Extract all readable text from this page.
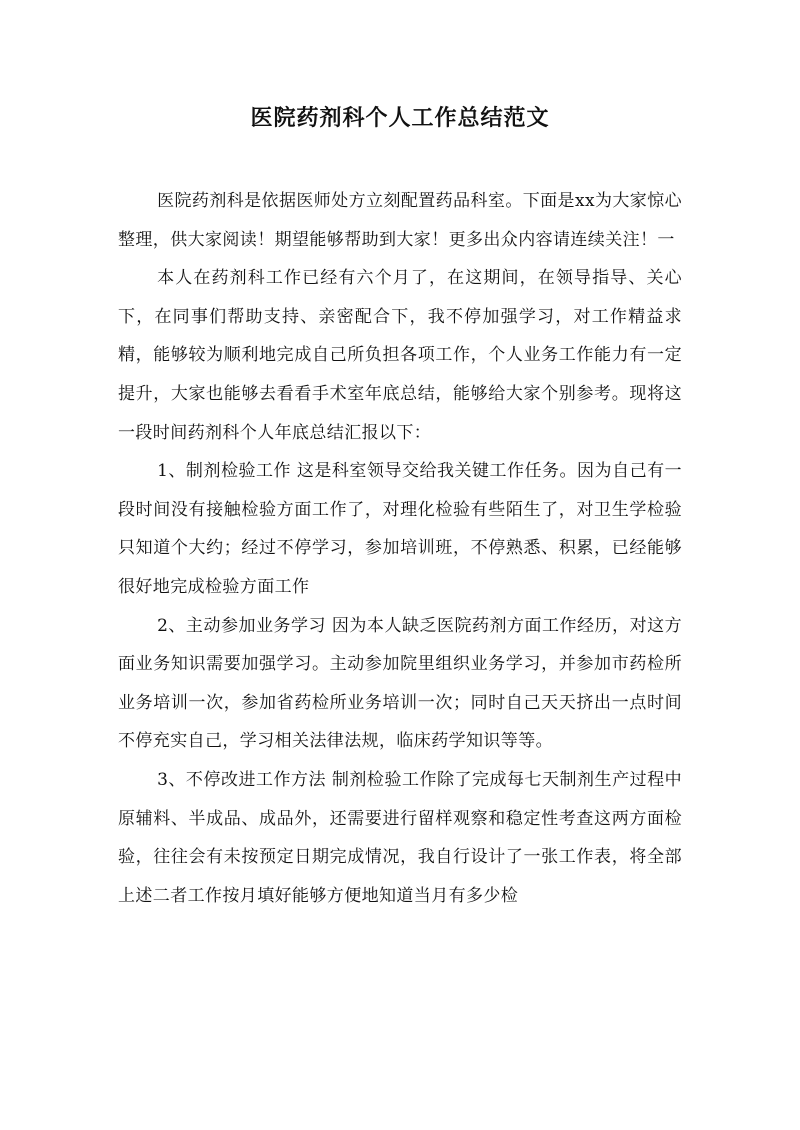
医院药剂科个人工作总结范文

医院药剂科是依据医师处方立刻配置药品科室。下面是xx为大家惊心整理，供大家阅读！期望能够帮助到大家！更多出众内容请连续关注！一

本人在药剂科工作已经有六个月了，在这期间，在领导指导、关心下，在同事们帮助支持、亲密配合下，我不停加强学习，对工作精益求精，能够较为顺利地完成自己所负担各项工作，个人业务工作能力有一定提升，大家也能够去看看手术室年底总结，能够给大家个别参考。现将这一段时间药剂科个人年底总结汇报以下：

1、制剂检验工作 这是科室领导交给我关键工作任务。因为自己有一段时间没有接触检验方面工作了，对理化检验有些陌生了，对卫生学检验只知道个大约；经过不停学习，参加培训班，不停熟悉、积累，已经能够很好地完成检验方面工作

2、主动参加业务学习 因为本人缺乏医院药剂方面工作经历，对这方面业务知识需要加强学习。主动参加院里组织业务学习，并参加市药检所业务培训一次，参加省药检所业务培训一次；同时自己天天挤出一点时间不停充实自己，学习相关法律法规，临床药学知识等等。

3、不停改进工作方法 制剂检验工作除了完成每七天制剂生产过程中原辅料、半成品、成品外，还需要进行留样观察和稳定性考查这两方面检验，往往会有未按预定日期完成情况，我自行设计了一张工作表，将全部上述二者工作按月填好能够方便地知道当月有多少检
